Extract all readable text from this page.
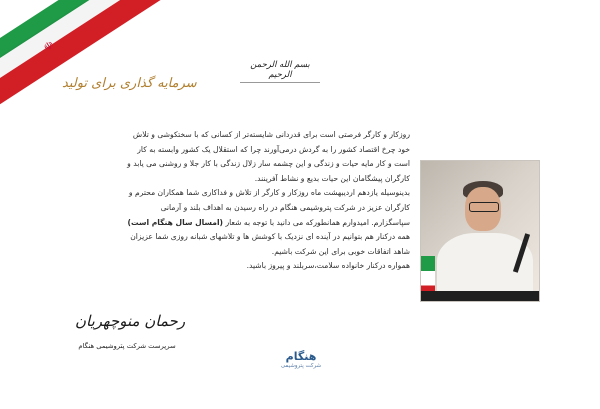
☫
سرمایه گذاری برای تولید
بسم الله الرحمن الرحیم

روزکار و کارگر فرصتی است برای قدردانی شایسته‌تر از کسانی که با سختکوشی و تلاش خود چرخ اقتصاد کشور را به گردش درمی‌آورند چرا که استقلال یک کشور وابسته به کار است و کار مایه حیات و زندگی و این چشمه سار زلال زندگی با کار جلا و روشنی می یابد و کارگران پیشگامان این حیات بدیع و نشاط آفرینند.

بدینوسیله یازدهم اردیبهشت ماه روزکار و کارگر از تلاش و فداکاری شما همکاران محترم و کارگران عزیز در شرکت پتروشیمی هنگام در راه رسیدن به اهداف بلند و آرمانی سپاسگزارم. امیدوارم همانطورکه می دانید با توجه به شعار (امسال سال هنگام است) همه درکنار هم بتوانیم در آینده ای نزدیک با کوشش ها و تلاشهای شبانه روزی شما عزیزان شاهد اتفاقات خوبی برای این شرکت باشیم.

همواره درکنار خانواده سلامت،سربلند و پیروز باشید.

رحمان منوچهریان
سرپرست شرکت پتروشیمی هنگام
هنگام
شرکت پتروشیمی
